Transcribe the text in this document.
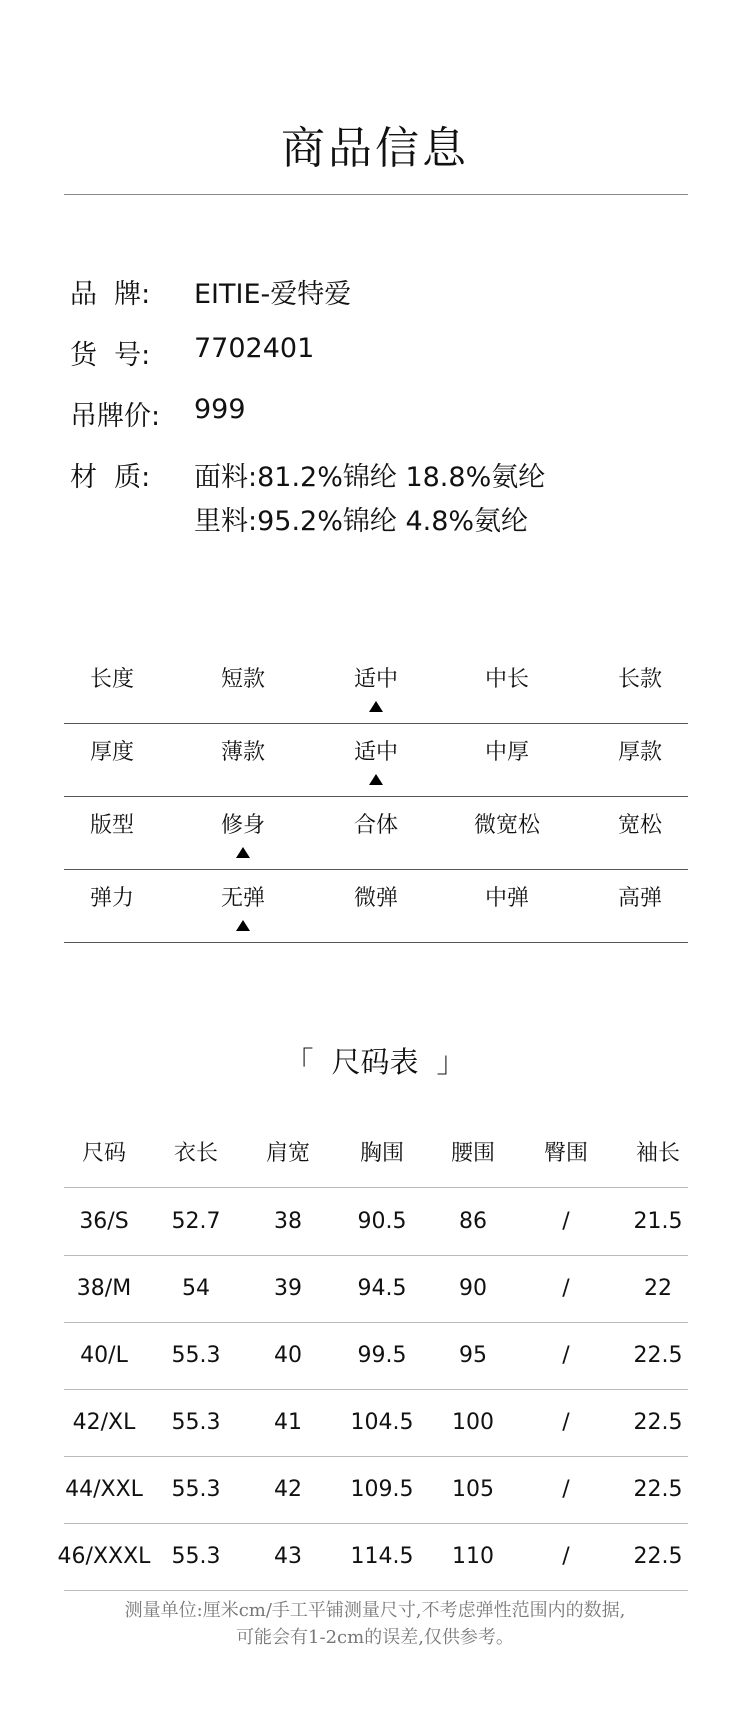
商品信息
品  牌: EITIE-爱特爱
货  号: 7702401
吊牌价: 999
材  质: 面料:81.2%锦纶 18.8%氨纶
里料:95.2%锦纶 4.8%氨纶
长度	短款	适中	中长	长款
厚度	薄款	适中	中厚	厚款
版型	修身	合体	微宽松	宽松
弹力	无弹	微弹	中弹	高弹
「 尺码表 」
尺码	衣长	肩宽	胸围	腰围	臀围	袖长
36/S	52.7	38	90.5	86	/	21.5
38/M	54	39	94.5	90	/	22
40/L	55.3	40	99.5	95	/	22.5
42/XL	55.3	41	104.5	100	/	22.5
44/XXL	55.3	42	109.5	105	/	22.5
46/XXXL 55.3	43	114.5	110	/	22.5
测量单位:厘米cm/手工平铺测量尺寸,不考虑弹性范围内的数据,
可能会有1-2cm的误差,仅供参考。
